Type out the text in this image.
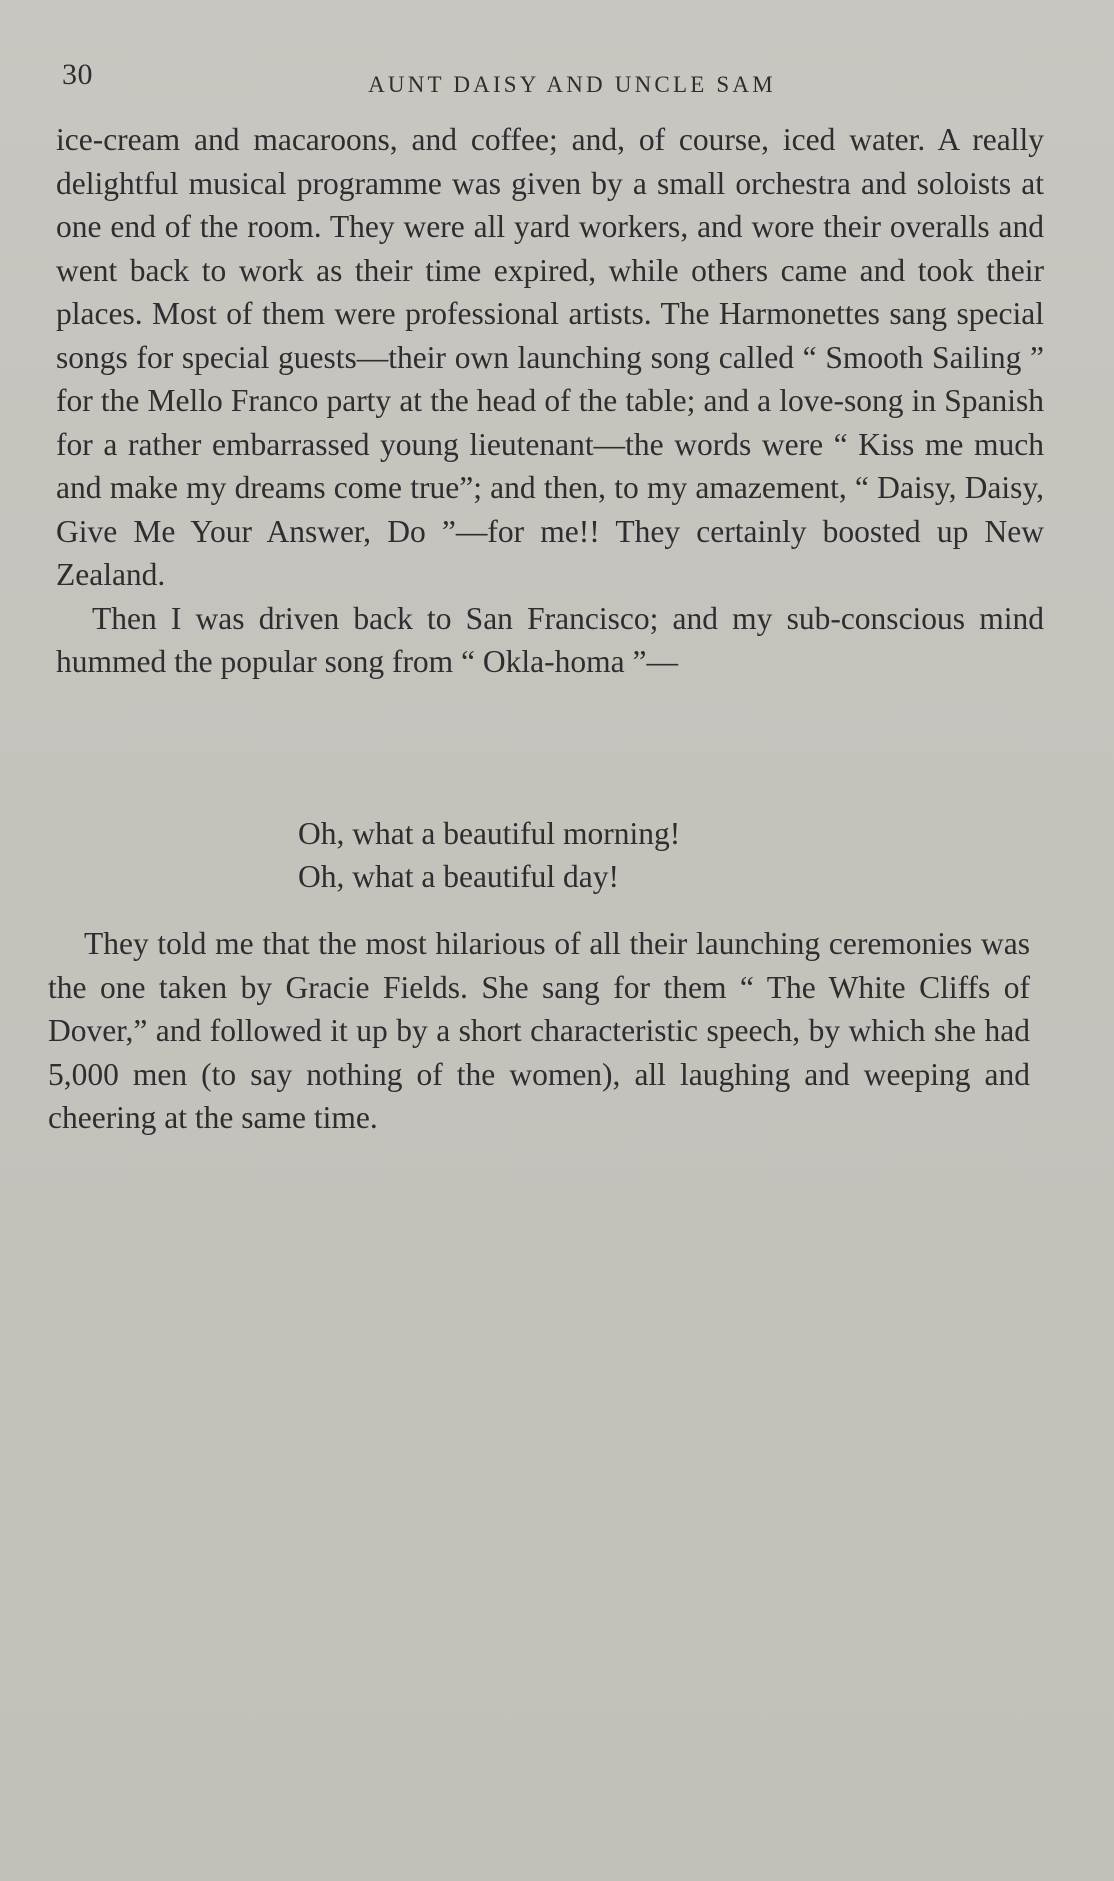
30	AUNT DAISY AND UNCLE SAM

ice-cream and macaroons, and coffee; and, of course, iced water. A really delightful musical programme was given by a small orchestra and soloists at one end of the room. They were all yard workers, and wore their overalls and went back to work as their time expired, while others came and took their places. Most of them were professional artists. The Harmonettes sang special songs for special guests—their own launching song called “ Smooth Sailing ” for the Mello Franco party at the head of the table; and a love-song in Spanish for a rather embarrassed young lieutenant—the words were “ Kiss me much and make my dreams come true”; and then, to my amazement, “ Daisy, Daisy, Give Me Your Answer, Do ”—for me!! They certainly boosted up New Zealand.

Then I was driven back to San Francisco; and my sub-conscious mind hummed the popular song from “ Okla-homa ”—

Oh, what a beautiful morning!
Oh, what a beautiful day!

They told me that the most hilarious of all their launching ceremonies was the one taken by Gracie Fields. She sang for them “ The White Cliffs of Dover,” and followed it up by a short characteristic speech, by which she had 5,000 men (to say nothing of the women), all laughing and weeping and cheering at the same time.
